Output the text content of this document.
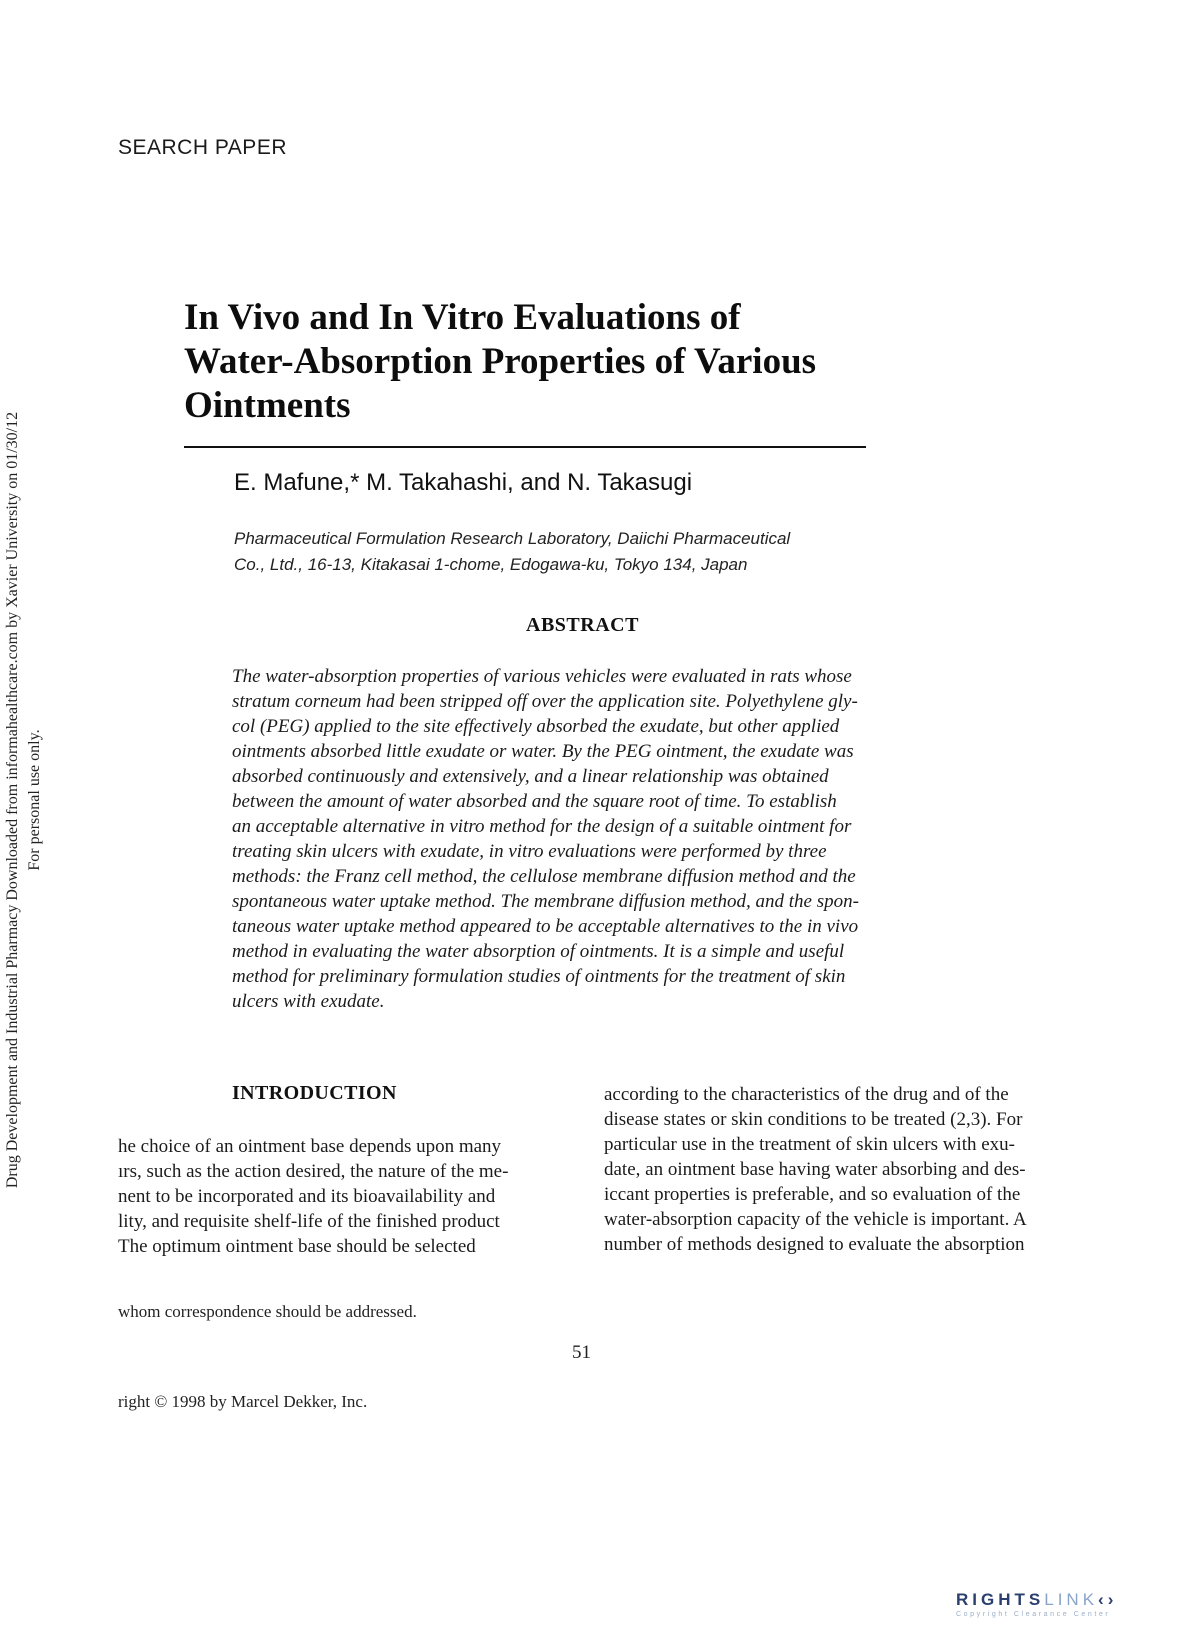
SEARCH PAPER
Drug Development and Industrial Pharmacy Downloaded from informahealthcare.com by Xavier University on 01/30/12 For personal use only.
In Vivo and In Vitro Evaluations of
Water-Absorption Properties of Various
Ointments
E. Mafune,* M. Takahashi, and N. Takasugi
Pharmaceutical Formulation Research Laboratory, Daiichi Pharmaceutical
Co., Ltd., 16-13, Kitakasai 1-chome, Edogawa-ku, Tokyo 134, Japan
ABSTRACT
The water-absorption properties of various vehicles were evaluated in rats whose
stratum corneum had been stripped off over the application site. Polyethylene gly-
col (PEG) applied to the site effectively absorbed the exudate, but other applied
ointments absorbed little exudate or water. By the PEG ointment, the exudate was
absorbed continuously and extensively, and a linear relationship was obtained
between the amount of water absorbed and the square root of time. To establish
an acceptable alternative in vitro method for the design of a suitable ointment for
treating skin ulcers with exudate, in vitro evaluations were performed by three
methods: the Franz cell method, the cellulose membrane diffusion method and the
spontaneous water uptake method. The membrane diffusion method, and the spon-
taneous water uptake method appeared to be acceptable alternatives to the in vivo
method in evaluating the water absorption of ointments. It is a simple and useful
method for preliminary formulation studies of ointments for the treatment of skin
ulcers with exudate.
INTRODUCTION
he choice of an ointment base depends upon many
ırs, such as the action desired, the nature of the me-
nent to be incorporated and its bioavailability and
lity, and requisite shelf-life of the finished product
The optimum ointment base should be selected
according to the characteristics of the drug and of the
disease states or skin conditions to be treated (2,3). For
particular use in the treatment of skin ulcers with exu-
date, an ointment base having water absorbing and des-
iccant properties is preferable, and so evaluation of the
water-absorption capacity of the vehicle is important. A
number of methods designed to evaluate the absorption
whom correspondence should be addressed.
51
right © 1998 by Marcel Dekker, Inc.
RIGHTSLINK‹›
Copyright Clearance Center
